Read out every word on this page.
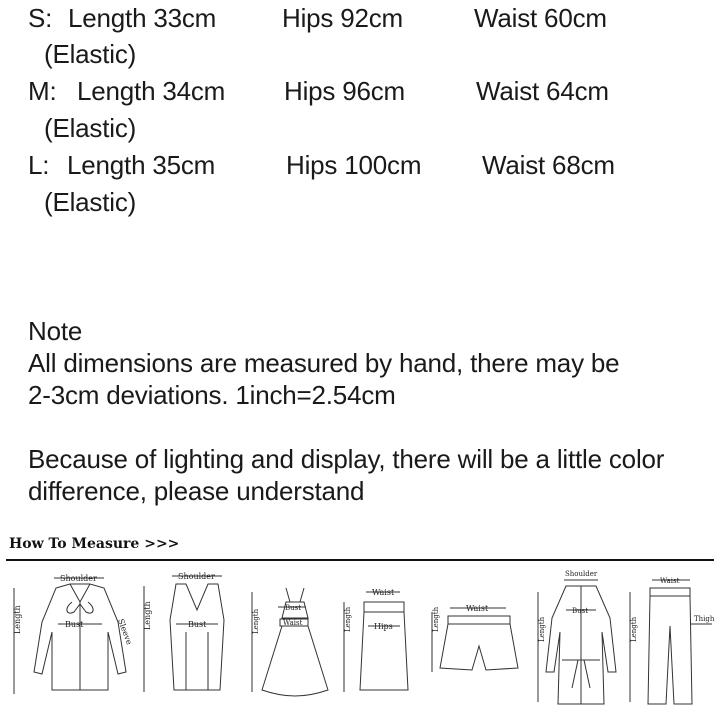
S: Length 33cm	Hips 92cm	Waist 60cm
(Elastic)
M: Length 34cm Hips 96cm	Waist 64cm
(Elastic)
L: Length 35cm	Hips 100cm Waist 68cm
(Elastic)
Note
All dimensions are measured by hand, there may be
2-3cm deviations. 1inch=2.54cm
Because of lighting and display, there will be a little color
difference, please understand
How To Measure >>>
Shoulder
Length	Bust	Sleeve
Shoulder
Length	Bust	Length
Bust
Waist	Length
Waist
Hips	Length	Waist
Shoulder
Length
Bust
Waist
Length	Thigh
